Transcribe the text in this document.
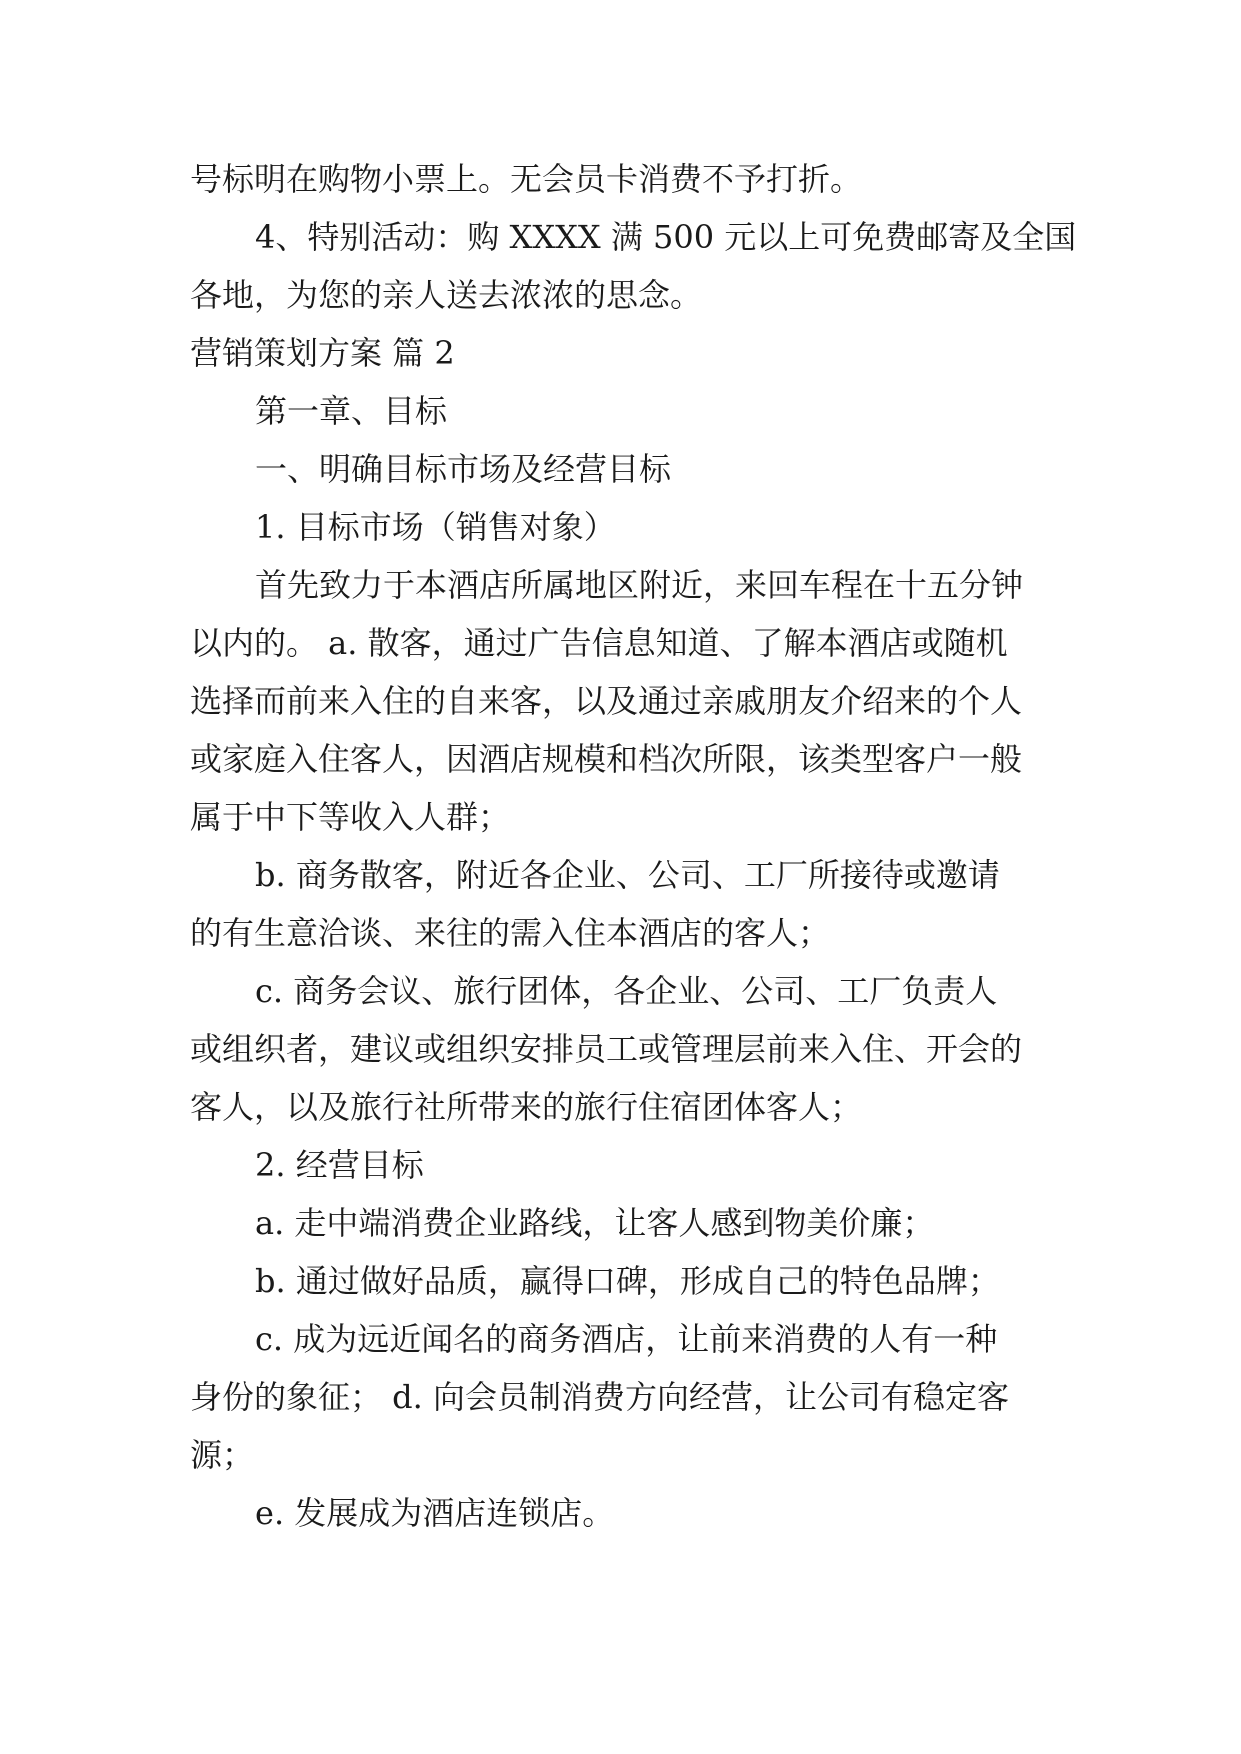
号标明在购物小票上。无会员卡消费不予打折。
4、特别活动：购 XXXX 满 500 元以上可免费邮寄及全国
各地，为您的亲人送去浓浓的思念。
营销策划方案 篇 2
第一章、目标
一、明确目标市场及经营目标
1. 目标市场（销售对象）
首先致力于本酒店所属地区附近，来回车程在十五分钟
以内的。 a. 散客，通过广告信息知道、了解本酒店或随机
选择而前来入住的自来客，以及通过亲戚朋友介绍来的个人
或家庭入住客人，因酒店规模和档次所限，该类型客户一般
属于中下等收入人群；
b. 商务散客，附近各企业、公司、工厂所接待或邀请
的有生意洽谈、来往的需入住本酒店的客人；
c. 商务会议、旅行团体，各企业、公司、工厂负责人
或组织者，建议或组织安排员工或管理层前来入住、开会的
客人，以及旅行社所带来的旅行住宿团体客人；
2. 经营目标
a. 走中端消费企业路线，让客人感到物美价廉；
b. 通过做好品质，赢得口碑，形成自己的特色品牌；
c. 成为远近闻名的商务酒店，让前来消费的人有一种
身份的象征； d. 向会员制消费方向经营，让公司有稳定客
源；
e. 发展成为酒店连锁店。
